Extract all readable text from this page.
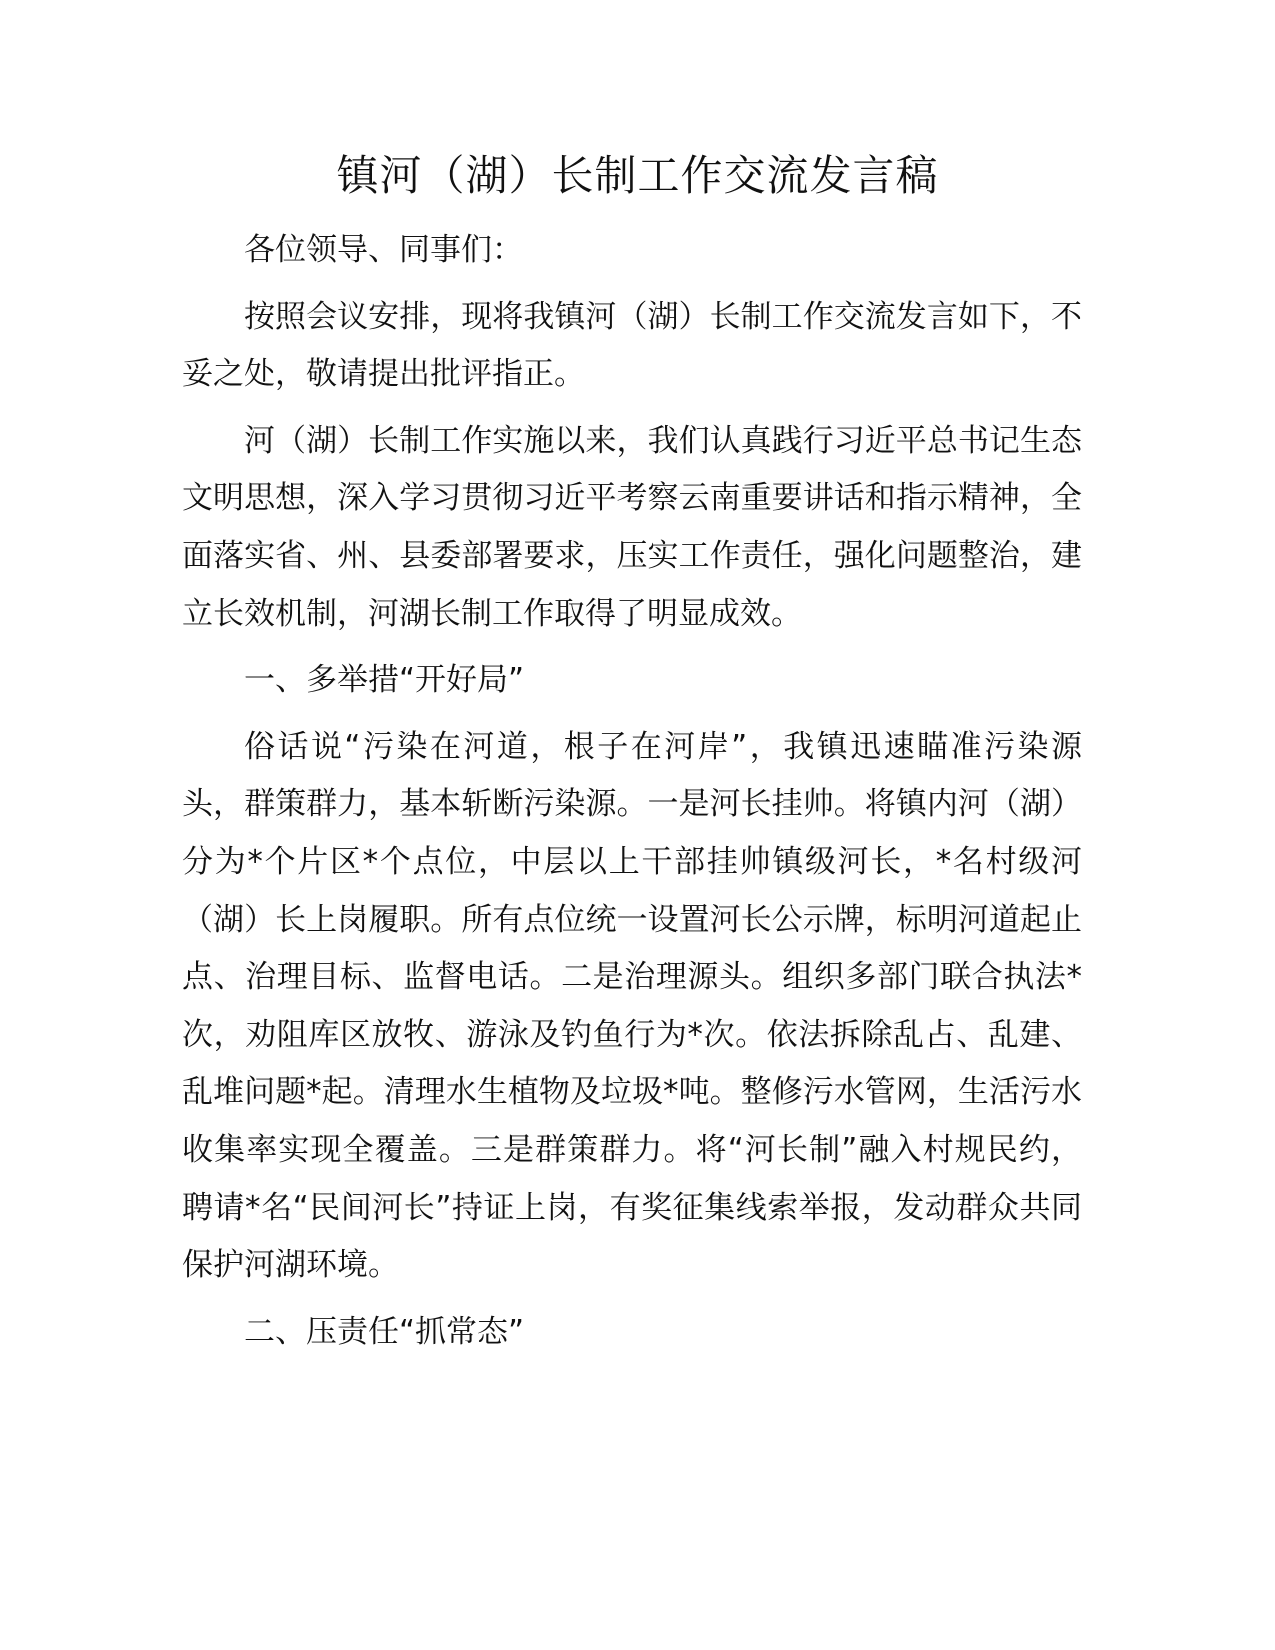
镇河（湖）长制工作交流发言稿

各位领导、同事们：

按照会议安排，现将我镇河（湖）长制工作交流发言如下，不妥之处，敬请提出批评指正。

河（湖）长制工作实施以来，我们认真践行习近平总书记生态文明思想，深入学习贯彻习近平考察云南重要讲话和指示精神，全面落实省、州、县委部署要求，压实工作责任，强化问题整治，建立长效机制，河湖长制工作取得了明显成效。

一、多举措“开好局”

俗话说“污染在河道，根子在河岸”，我镇迅速瞄准污染源头，群策群力，基本斩断污染源。一是河长挂帅。将镇内河（湖）分为*个片区*个点位，中层以上干部挂帅镇级河长，*名村级河（湖）长上岗履职。所有点位统一设置河长公示牌，标明河道起止点、治理目标、监督电话。二是治理源头。组织多部门联合执法*次，劝阻库区放牧、游泳及钓鱼行为*次。依法拆除乱占、乱建、乱堆问题*起。清理水生植物及垃圾*吨。整修污水管网，生活污水收集率实现全覆盖。三是群策群力。将“河长制”融入村规民约，聘请*名“民间河长”持证上岗，有奖征集线索举报，发动群众共同保护河湖环境。

二、压责任“抓常态”
